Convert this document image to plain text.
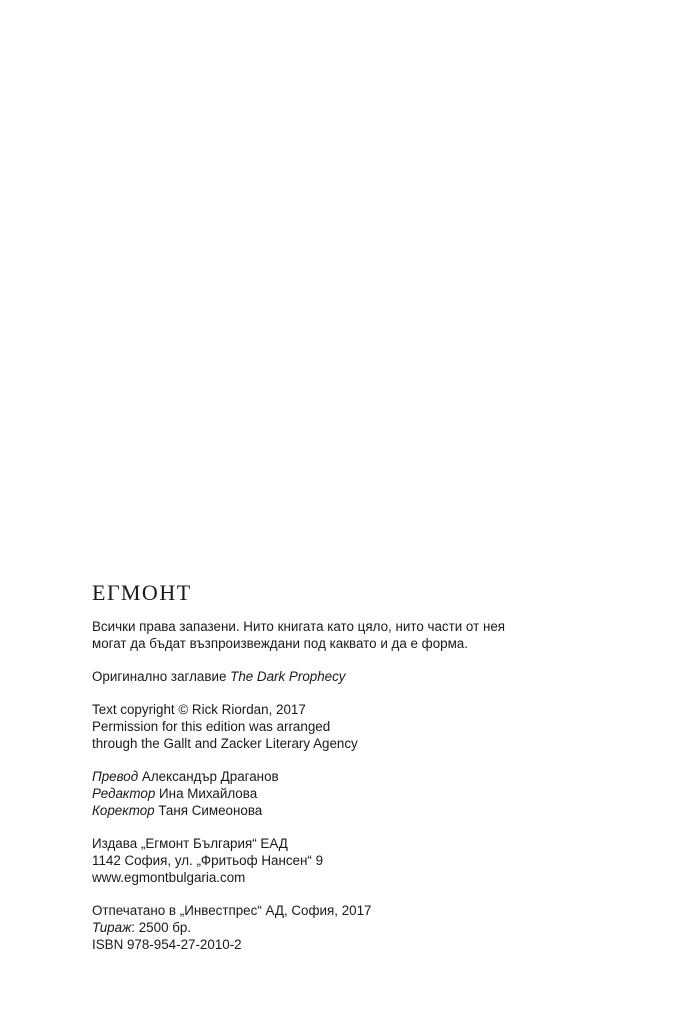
ЕГМОНТ
Всички права запазени. Нито книгата като цяло, нито части от нея
могат да бъдат възпроизвеждани под каквато и да е форма.
Оригинално заглавие The Dark Prophecy
Text copyright © Rick Riordan, 2017
Permission for this edition was arranged
through the Gallt and Zacker Literary Agency
Превод Александър Драганов
Редактор Ина Михайлова
Коректор Таня Симеонова
Издава „Егмонт България“ ЕАД
1142 София, ул. „Фритьоф Нансен“ 9
www.egmontbulgaria.com
Отпечатано в „Инвестпрес“ АД, София, 2017
Тираж: 2500 бр.
ISBN 978-954-27-2010-2
